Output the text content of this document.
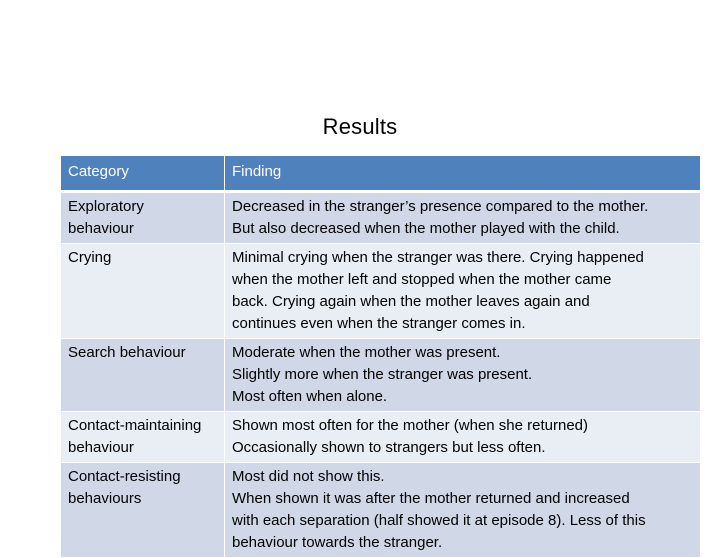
Results
Category	Finding

Exploratory
behaviour	Decreased in the stranger’s presence compared to the mother.
But also decreased when the mother played with the child.

Crying	Minimal crying when the stranger was there. Crying happened
when the mother left and stopped when the mother came
back. Crying again when the mother leaves again and
continues even when the stranger comes in.

Search behaviour	Moderate when the mother was present.
Slightly more when the stranger was present.
Most often when alone.

Contact-maintaining
behaviour	Shown most often for the mother (when she returned)
Occasionally shown to strangers but less often.

Contact-resisting
behaviours	Most did not show this.
When shown it was after the mother returned and increased
with each separation (half showed it at episode 8). Less of this
behaviour towards the stranger.
